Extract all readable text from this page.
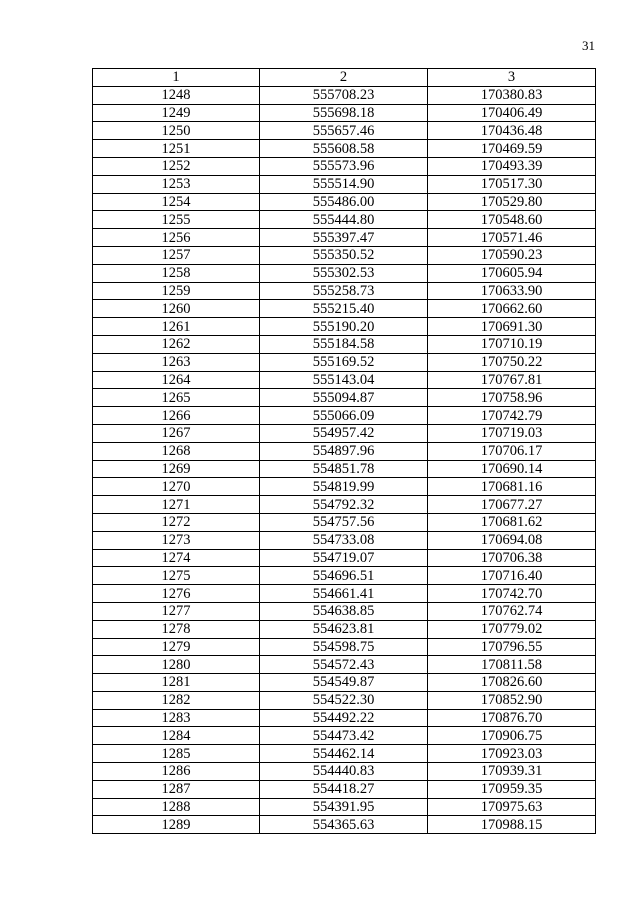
31
1	2	3
1248	555708.23	170380.83
1249	555698.18	170406.49
1250	555657.46	170436.48
1251	555608.58	170469.59
1252	555573.96	170493.39
1253	555514.90	170517.30
1254	555486.00	170529.80
1255	555444.80	170548.60
1256	555397.47	170571.46
1257	555350.52	170590.23
1258	555302.53	170605.94
1259	555258.73	170633.90
1260	555215.40	170662.60
1261	555190.20	170691.30
1262	555184.58	170710.19
1263	555169.52	170750.22
1264	555143.04	170767.81
1265	555094.87	170758.96
1266	555066.09	170742.79
1267	554957.42	170719.03
1268	554897.96	170706.17
1269	554851.78	170690.14
1270	554819.99	170681.16
1271	554792.32	170677.27
1272	554757.56	170681.62
1273	554733.08	170694.08
1274	554719.07	170706.38
1275	554696.51	170716.40
1276	554661.41	170742.70
1277	554638.85	170762.74
1278	554623.81	170779.02
1279	554598.75	170796.55
1280	554572.43	170811.58
1281	554549.87	170826.60
1282	554522.30	170852.90
1283	554492.22	170876.70
1284	554473.42	170906.75
1285	554462.14	170923.03
1286	554440.83	170939.31
1287	554418.27	170959.35
1288	554391.95	170975.63
1289	554365.63	170988.15
